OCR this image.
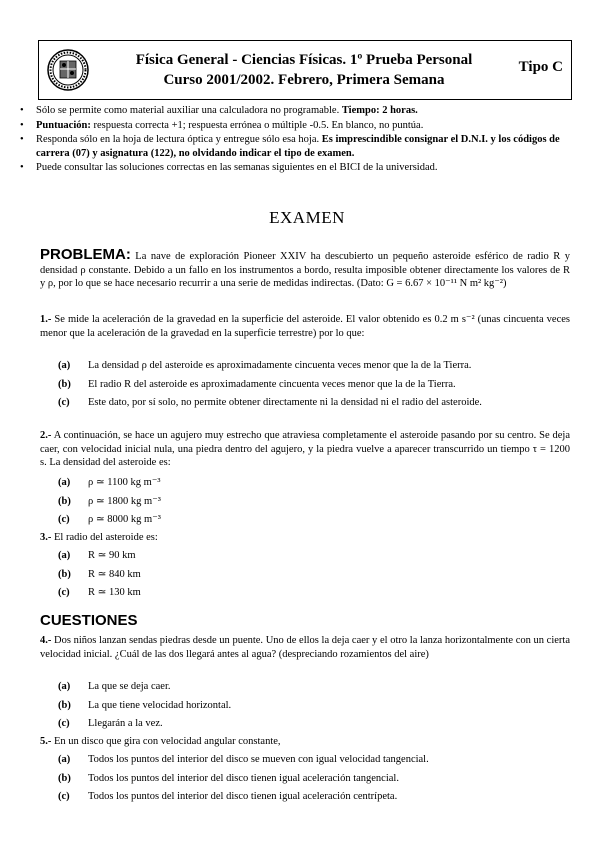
Física General - Ciencias Físicas. 1º Prueba Personal
Curso 2001/2002. Febrero, Primera Semana
Tipo C
• Sólo se permite como material auxiliar una calculadora no programable. Tiempo: 2 horas.
• Puntuación: respuesta correcta +1; respuesta errónea o múltiple -0.5. En blanco, no puntúa.
• Responda sólo en la hoja de lectura óptica y entregue sólo esa hoja. Es imprescindible consignar el D.N.I. y los códigos de carrera (07) y asignatura (122), no olvidando indicar el tipo de examen.
• Puede consultar las soluciones correctas en las semanas siguientes en el BICI de la universidad.
EXAMEN
PROBLEMA: La nave de exploración Pioneer XXIV ha descubierto un pequeño asteroide esférico de radio R y densidad ρ constante. Debido a un fallo en los instrumentos a bordo, resulta imposible obtener directamente los valores de R y ρ, por lo que se hace necesario recurrir a una serie de medidas indirectas. (Dato: G = 6.67 × 10⁻¹¹ N m² kg⁻²)
1.- Se mide la aceleración de la gravedad en la superficie del asteroide. El valor obtenido es 0.2 m s⁻² (unas cincuenta veces menor que la aceleración de la gravedad en la superficie terrestre) por lo que:
(a) La densidad ρ del asteroide es aproximadamente cincuenta veces menor que la de la Tierra.
(b) El radio R del asteroide es aproximadamente cincuenta veces menor que la de la Tierra.
(c) Este dato, por sí solo, no permite obtener directamente ni la densidad ni el radio del asteroide.
2.- A continuación, se hace un agujero muy estrecho que atraviesa completamente el asteroide pasando por su centro. Se deja caer, con velocidad inicial nula, una piedra dentro del agujero, y la piedra vuelve a aparecer transcurrido un tiempo τ = 1200 s. La densidad del asteroide es:
(a) ρ ≃ 1100 kg m⁻³
(b) ρ ≃ 1800 kg m⁻³
(c) ρ ≃ 8000 kg m⁻³
3.- El radio del asteroide es:
(a) R ≃ 90 km
(b) R ≃ 840 km
(c) R ≃ 130 km
CUESTIONES
4.- Dos niños lanzan sendas piedras desde un puente. Uno de ellos la deja caer y el otro la lanza horizontalmente con un cierta velocidad inicial. ¿Cuál de las dos llegará antes al agua? (despreciando rozamientos del aire)
(a) La que se deja caer.
(b) La que tiene velocidad horizontal.
(c) Llegarán a la vez.
5.- En un disco que gira con velocidad angular constante,
(a) Todos los puntos del interior del disco se mueven con igual velocidad tangencial.
(b) Todos los puntos del interior del disco tienen igual aceleración tangencial.
(c) Todos los puntos del interior del disco tienen igual aceleración centrípeta.
